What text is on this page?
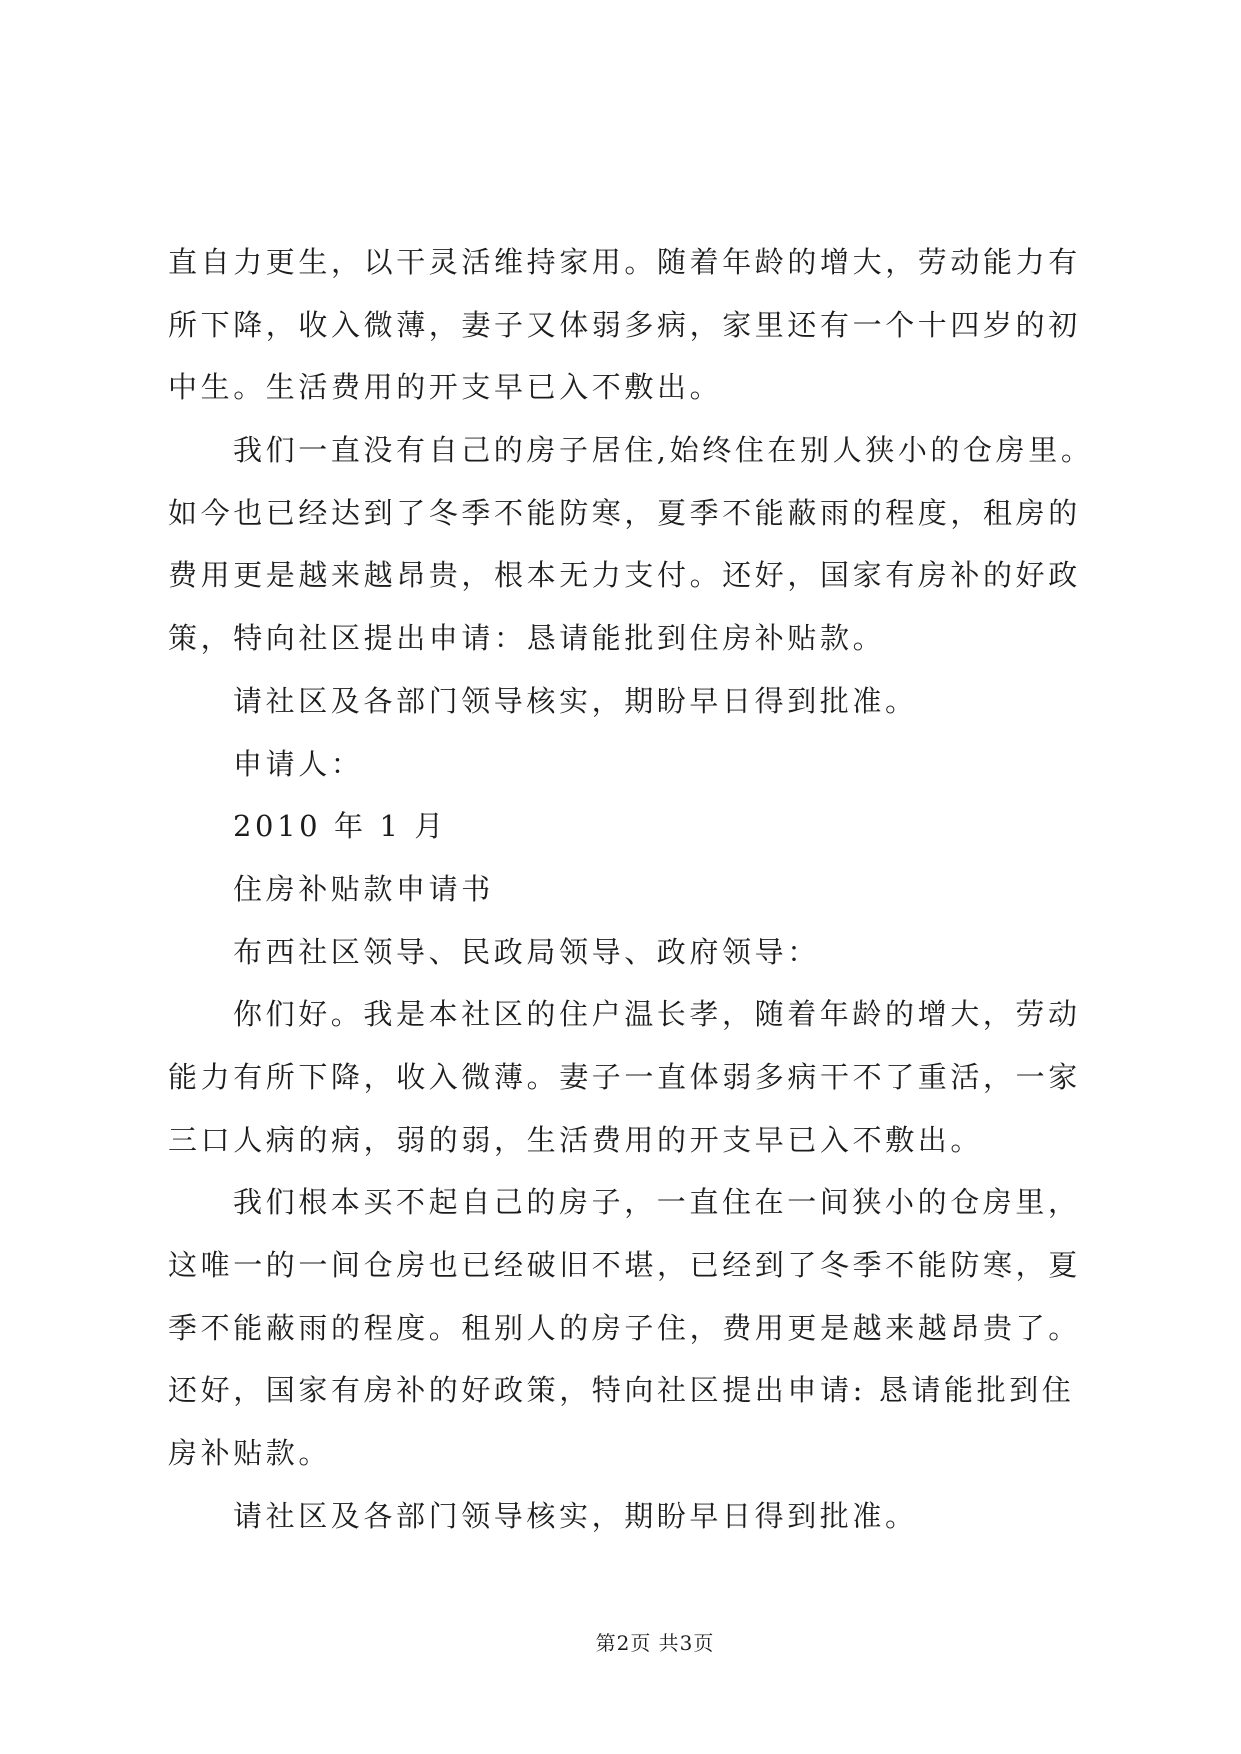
直自力更生，以干灵活维持家用。随着年龄的增大，劳动能力有
所下降，收入微薄，妻子又体弱多病，家里还有一个十四岁的初
中生。生活费用的开支早已入不敷出。
我们一直没有自己的房子居住,始终住在别人狭小的仓房里。
如今也已经达到了冬季不能防寒，夏季不能蔽雨的程度，租房的
费用更是越来越昂贵，根本无力支付。还好，国家有房补的好政
策，特向社区提出申请：恳请能批到住房补贴款。
请社区及各部门领导核实，期盼早日得到批准。
申请人：
2010 年 1 月
住房补贴款申请书
布西社区领导、民政局领导、政府领导：
你们好。我是本社区的住户温长孝，随着年龄的增大，劳动
能力有所下降，收入微薄。妻子一直体弱多病干不了重活，一家
三口人病的病，弱的弱，生活费用的开支早已入不敷出。
我们根本买不起自己的房子，一直住在一间狭小的仓房里，
这唯一的一间仓房也已经破旧不堪，已经到了冬季不能防寒，夏
季不能蔽雨的程度。租别人的房子住，费用更是越来越昂贵了。
还好，国家有房补的好政策，特向社区提出申请: 恳请能批到住
房补贴款。
请社区及各部门领导核实，期盼早日得到批准。
第2页 共3页
